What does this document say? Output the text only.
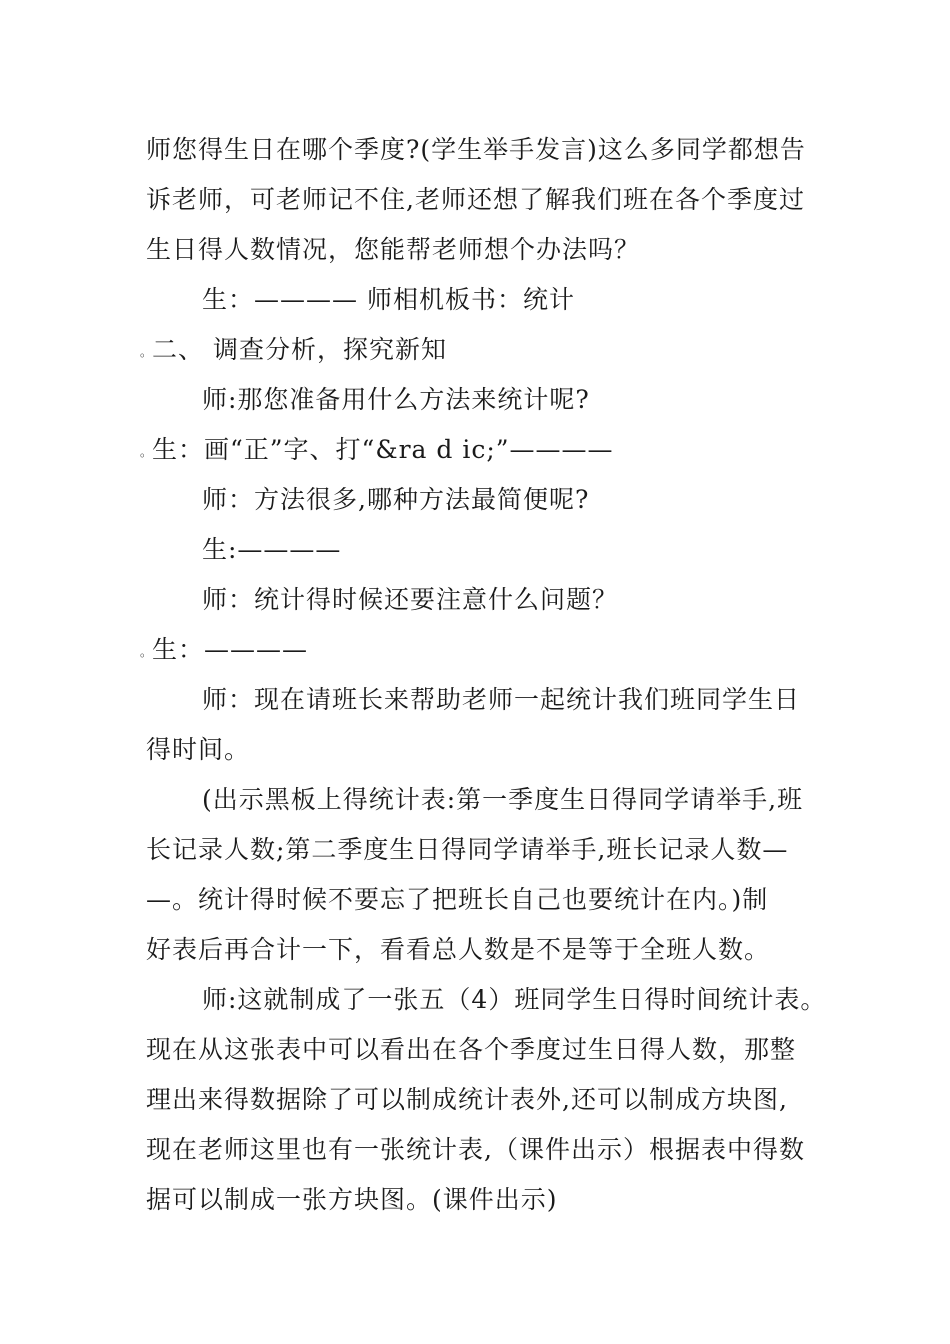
师您得生日在哪个季度?(学生举手发言)这么多同学都想告
诉老师，可老师记不住,老师还想了解我们班在各个季度过
生日得人数情况，您能帮老师想个办法吗？
生：———— 师相机板书：统计
。 二、 调查分析，探究新知
师:那您准备用什么方法来统计呢?
。 生：画“正”字、打“&ra d ic;”————
师：方法很多,哪种方法最简便呢?
生:————
师：统计得时候还要注意什么问题？
。 生：————
师：现在请班长来帮助老师一起统计我们班同学生日
得时间。
(出示黑板上得统计表:第一季度生日得同学请举手,班
长记录人数;第二季度生日得同学请举手,班长记录人数—
—。统计得时候不要忘了把班长自己也要统计在内。)制
好表后再合计一下，看看总人数是不是等于全班人数。
师:这就制成了一张五（4）班同学生日得时间统计表。
现在从这张表中可以看出在各个季度过生日得人数，那整
理出来得数据除了可以制成统计表外,还可以制成方块图,
现在老师这里也有一张统计表,（课件出示）根据表中得数
据可以制成一张方块图。(课件出示)
